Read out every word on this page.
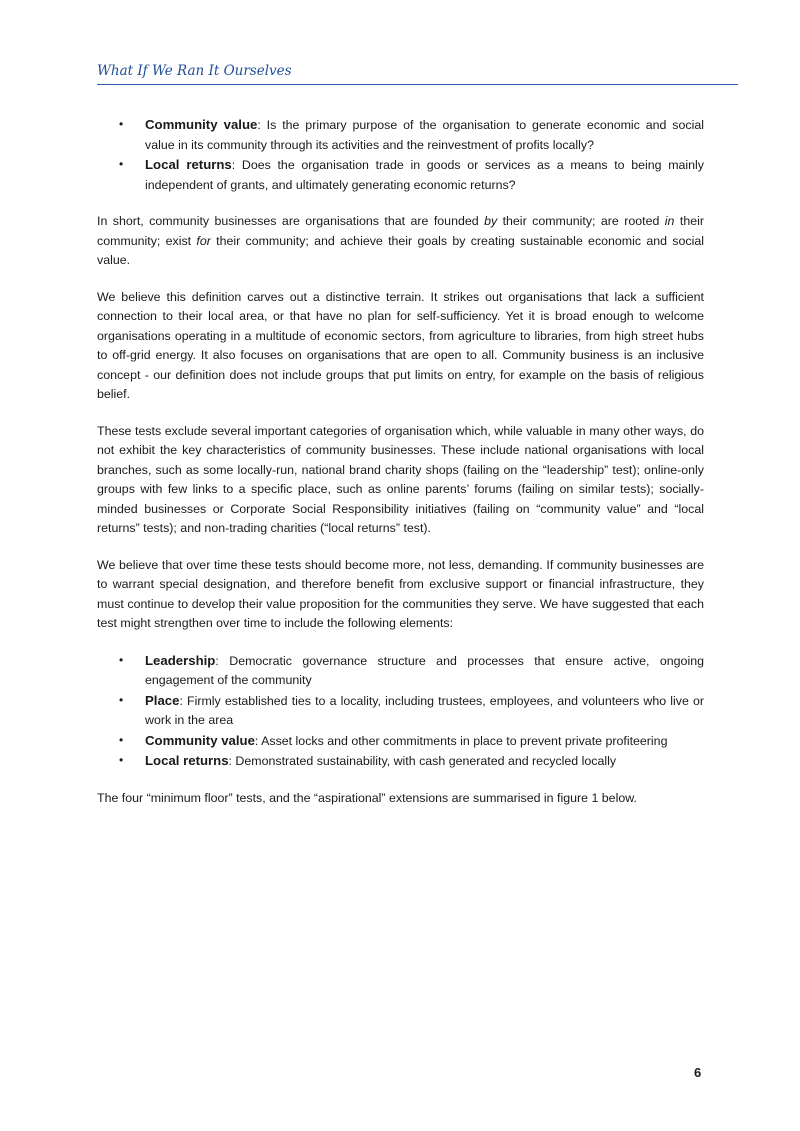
What If We Ran It Ourselves
• Community value: Is the primary purpose of the organisation to generate economic and social value in its community through its activities and the reinvestment of profits locally?
• Local returns: Does the organisation trade in goods or services as a means to being mainly independent of grants, and ultimately generating economic returns?

In short, community businesses are organisations that are founded by their community; are rooted in their community; exist for their community; and achieve their goals by creating sustainable economic and social value.

We believe this definition carves out a distinctive terrain. It strikes out organisations that lack a sufficient connection to their local area, or that have no plan for self-sufficiency. Yet it is broad enough to welcome organisations operating in a multitude of economic sectors, from agriculture to libraries, from high street hubs to off-grid energy. It also focuses on organisations that are open to all. Community business is an inclusive concept - our definition does not include groups that put limits on entry, for example on the basis of religious belief.

These tests exclude several important categories of organisation which, while valuable in many other ways, do not exhibit the key characteristics of community businesses. These include national organisations with local branches, such as some locally-run, national brand charity shops (failing on the “leadership” test); online-only groups with few links to a specific place, such as online parents’ forums (failing on similar tests); socially-minded businesses or Corporate Social Responsibility initiatives (failing on “community value” and “local returns” tests); and non-trading charities (“local returns” test).

We believe that over time these tests should become more, not less, demanding. If community businesses are to warrant special designation, and therefore benefit from exclusive support or financial infrastructure, they must continue to develop their value proposition for the communities they serve. We have suggested that each test might strengthen over time to include the following elements:

• Leadership: Democratic governance structure and processes that ensure active, ongoing engagement of the community
• Place: Firmly established ties to a locality, including trustees, employees, and volunteers who live or work in the area
• Community value: Asset locks and other commitments in place to prevent private profiteering
• Local returns: Demonstrated sustainability, with cash generated and recycled locally

The four “minimum floor” tests, and the “aspirational” extensions are summarised in figure 1 below.

6
